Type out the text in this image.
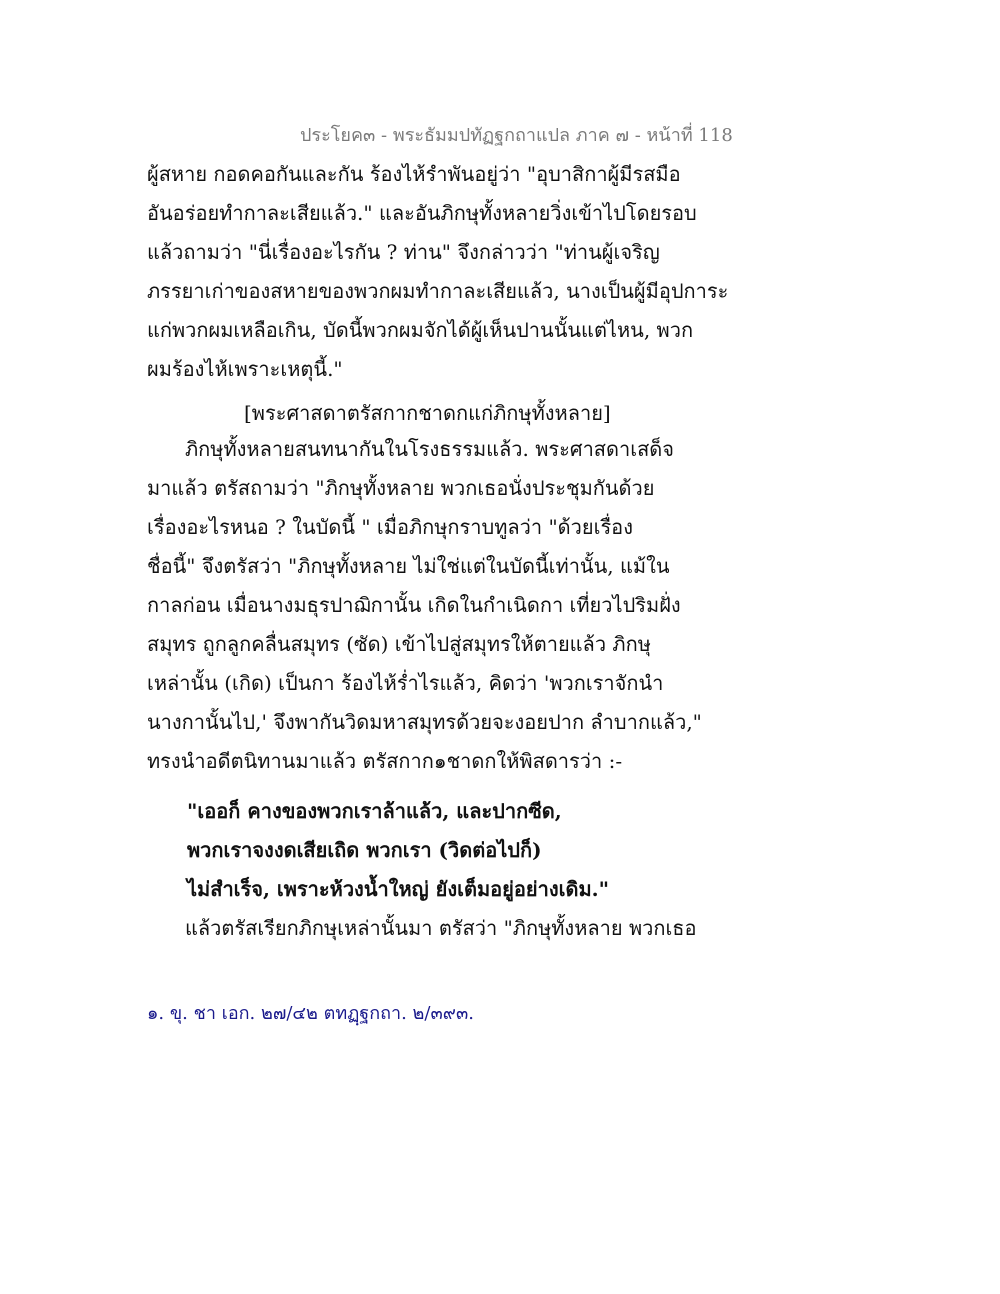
ประโยค๓ - พระธัมมปทัฏฐกถาแปล ภาค ๗ - หน้าที่ 118
ผู้สหาย กอดคอกันและกัน ร้องไห้รำพันอยู่ว่า "อุบาสิกาผู้มีรสมือ
อันอร่อยทำกาละเสียแล้ว." และอันภิกษุทั้งหลายวิ่งเข้าไปโดยรอบ
แล้วถามว่า "นี่เรื่องอะไรกัน ? ท่าน" จึงกล่าวว่า "ท่านผู้เจริญ
ภรรยาเก่าของสหายของพวกผมทำกาละเสียแล้ว, นางเป็นผู้มีอุปการะ
แก่พวกผมเหลือเกิน, บัดนี้พวกผมจักได้ผู้เห็นปานนั้นแต่ไหน, พวก
ผมร้องไห้เพราะเหตุนี้."
[พระศาสดาตรัสกากชาดกแก่ภิกษุทั้งหลาย]
ภิกษุทั้งหลายสนทนากันในโรงธรรมแล้ว. พระศาสดาเสด็จ
มาแล้ว ตรัสถามว่า "ภิกษุทั้งหลาย พวกเธอนั่งประชุมกันด้วย
เรื่องอะไรหนอ ? ในบัดนี้ " เมื่อภิกษุกราบทูลว่า "ด้วยเรื่อง
ชื่อนี้" จึงตรัสว่า "ภิกษุทั้งหลาย ไม่ใช่แต่ในบัดนี้เท่านั้น, แม้ใน
กาลก่อน เมื่อนางมธุรปาฌิกานั้น เกิดในกำเนิดกา เที่ยวไปริมฝั่ง
สมุทร ถูกลูกคลื่นสมุทร (ซัด) เข้าไปสู่สมุทรให้ตายแล้ว ภิกษุ
เหล่านั้น (เกิด) เป็นกา ร้องไห้ร่ำไรแล้ว, คิดว่า 'พวกเราจักนำ
นางกานั้นไป,' จึงพากันวิดมหาสมุทรด้วยจะงอยปาก ลำบากแล้ว,"
ทรงนำอดีตนิทานมาแล้ว ตรัสกาก๑ชาดกให้พิสดารว่า :-
"เออก็ คางของพวกเราล้าแล้ว, และปากซีด,
พวกเราจงงดเสียเถิด พวกเรา (วิดต่อไปก็)
ไม่สำเร็จ, เพราะห้วงน้ำใหญ่ ยังเต็มอยู่อย่างเดิม."
แล้วตรัสเรียกภิกษุเหล่านั้นมา ตรัสว่า "ภิกษุทั้งหลาย พวกเธอ
๑. ขุ. ชา เอก. ๒๗/๔๒ ตทฏฺฐกถา. ๒/๓๙๓.
